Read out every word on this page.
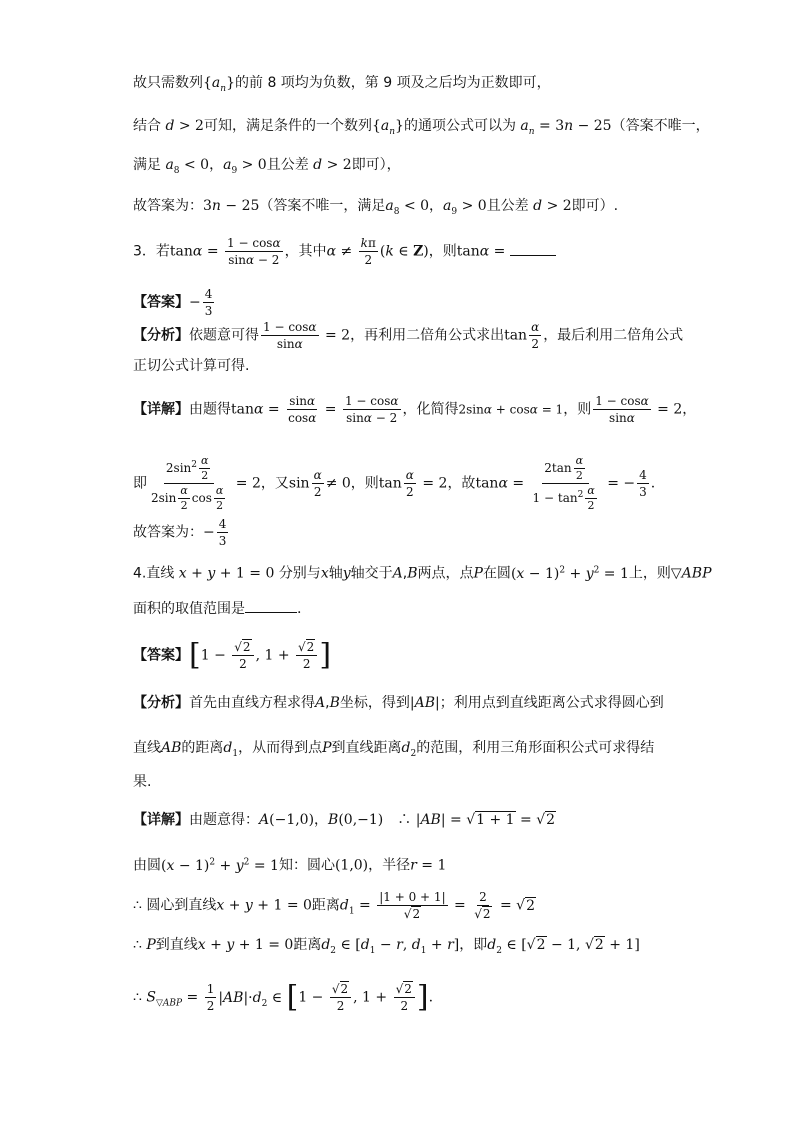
故只需数列$\{a_n\}$的前 8 项均为负数，第 9 项及之后均为正数即可，
结合 d > 2可知，满足条件的一个数列$\{a_n\}$的通项公式可以为 $a_n = 3n - 25$（答案不唯一，
满足 $a_8 < 0$，$a_9 > 0$且公差 d > 2即可），
故答案为：3n − 25（答案不唯一，满足$a_8 < 0$，$a_9 > 0$且公差 d > 2即可）.
3．若$\tan\alpha = \frac{1 - \cos\alpha}{\sin\alpha - 2}$ ，其中$\alpha \ne \frac{k\pi}{2} (k$ ∈ Z)，则tanα =
【答案】− $\frac{4}{3}$
【分析】依题意可得 $\frac{1 - \cos\alpha}{\sin\alpha} = 2$，再利用二倍角公式求出$\tan \frac{\alpha}{2}$ ，最后利用二倍角公式
正切公式计算可得.
【详解】由题得$\tan\alpha = \frac{\sin\alpha}{\cos\alpha} = \frac{1 - \cos\alpha}{\sin\alpha - 2}$ ，化简得2sinα + cosα = 1，则 $\frac{1 - \cos\alpha}{\sin\alpha} = 2$，
即 $\frac{2\sin^2 \frac{\alpha}{2}}{2\sin \frac{\alpha}{2} \cos \frac{\alpha}{2}} = 2$，又$\sin \frac{\alpha}{2} \ne 0$，则$\tan \frac{\alpha}{2} = 2$，故$\tan\alpha = \frac{2\tan \frac{\alpha}{2}}{1 - \tan^2 \frac{\alpha}{2}}$ = − $\frac{4}{3}$ .
故答案为：− $\frac{4}{3}$
4.直线 x + y + 1 = 0 分别与x轴y轴交于A,B两点，点P在圆$(x - 1)^2 + y^2 = 1$上，则▽ABP
面积的取值范围是	.
【答案】[$1 - \frac{√2}{2}$ , $1 + \frac{√2}{2}$ ]
【分析】首先由直线方程求得A,B坐标，得到|AB|；利用点到直线距离公式求得圆心到
直线AB的距离$d_1$，从而得到点P到直线距离$d_2$的范围，利用三角形面积公式可求得结
果.
【详解】由题意得：A(−1,0)，B(0,−1)　∴ |AB| = √1 + 1 = √2
由圆$(x - 1)^2 + y^2 = 1$知：圆心(1,0)，半径r = 1
∴ 圆心到直线x + y + 1 = 0距离$d_1 = \frac{|1 + 0 + 1|}{√2} = \frac{2}{√2} = √2$
∴ P到直线x + y + 1 = 0距离$d_2$ ∈ [$d_1 - r$, $d_1 + r$]，即$d_2$ ∈ [√2 − 1, √2 + 1]
∴ $S_{▽ABP} = \frac{1}{2} |AB|\cdot d_2$ ∈ [$1 - \frac{√2}{2}$ , $1 + \frac{√2}{2}$ ].
